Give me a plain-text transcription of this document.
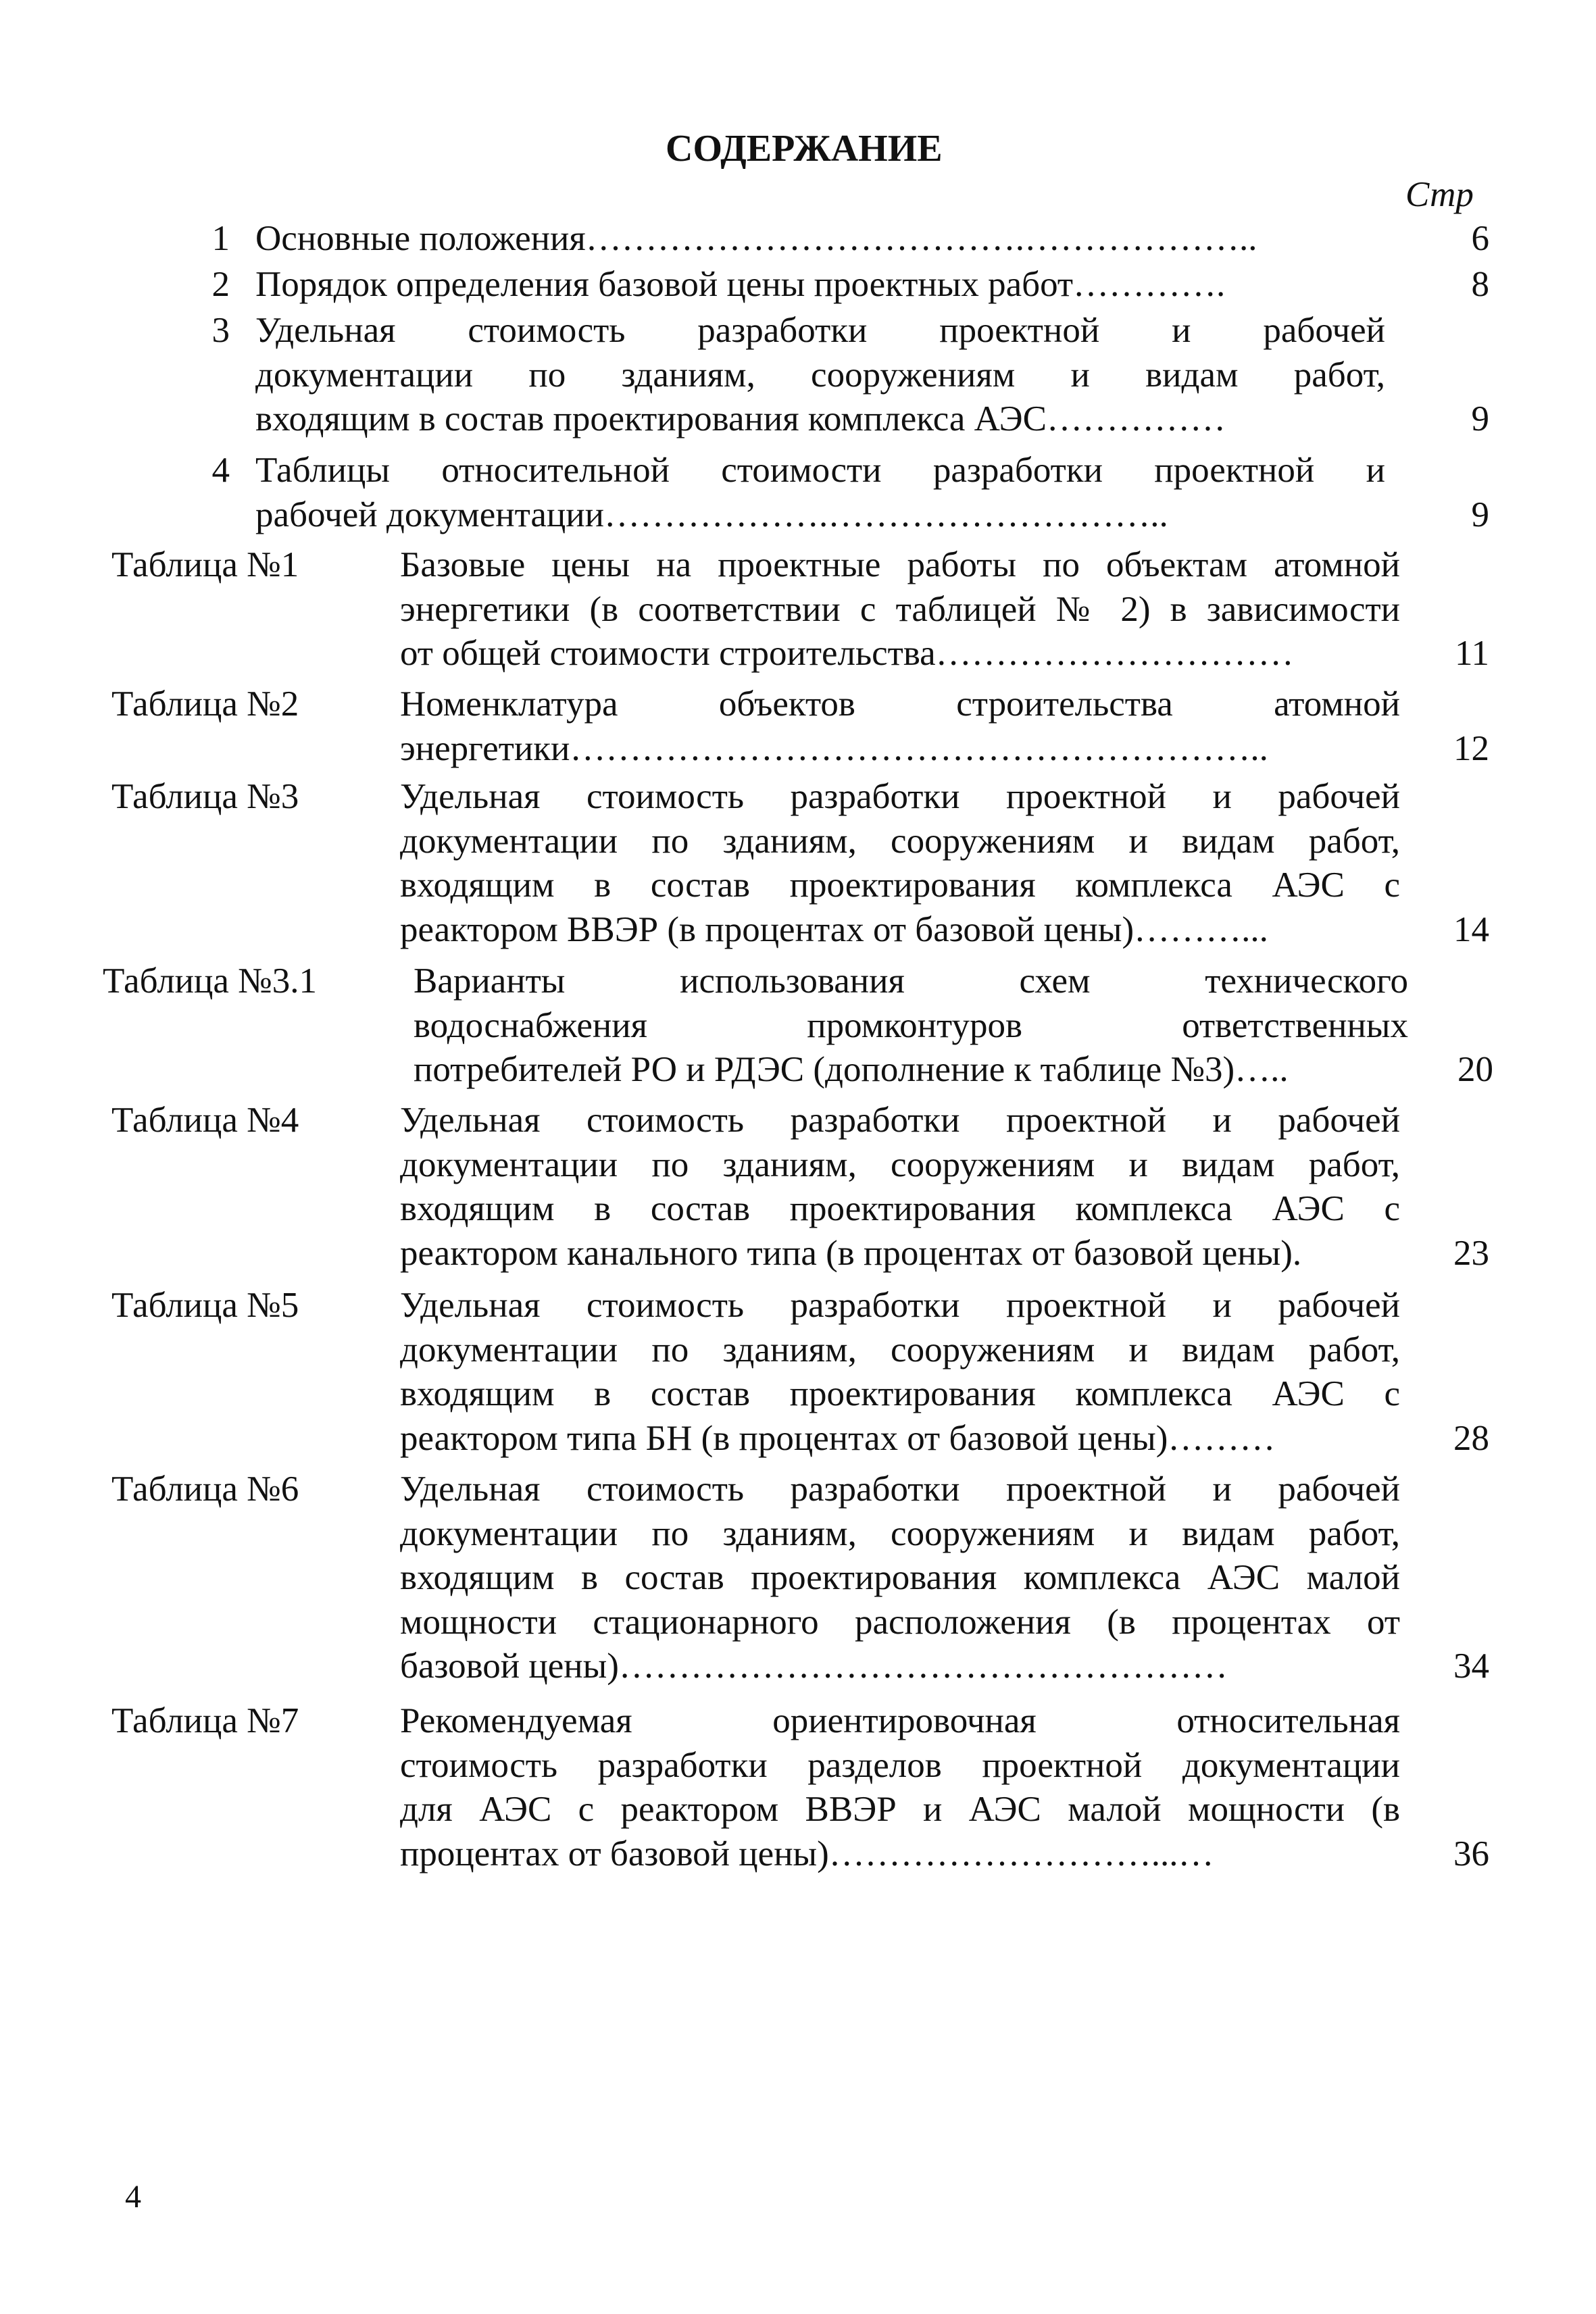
СОДЕРЖАНИЕ
Стр
1 Основные положения……………………………….………………..	6
2 Порядок определения базовой цены проектных работ………….	8
3 Удельная стоимость разработки проектной и рабочей
документации по зданиям, сооружениям и видам работ,
входящим в состав проектирования комплекса АЭС……………	9
4 Таблицы относительной стоимости разработки проектной и
рабочей документации……………….………………………..	9
Таблица №1	Базовые цены на проектные работы по объектам атомной
энергетики (в соответствии с таблицей № 2) в зависимости
от общей стоимости строительства…………………………	11
Таблица №2	Номенклатура объектов строительства атомной
энергетики…………………………………………………..	12
Таблица №3	Удельная стоимость разработки проектной и рабочей
документации по зданиям, сооружениям и видам работ,
входящим в состав проектирования комплекса АЭС с
реактором ВВЭР (в процентах от базовой цены)………...	14
Таблица №3.1	Варианты использования схем технического
водоснабжения промконтуров ответственных
потребителей РО и РДЭС (дополнение к таблице №3)…..	20
Таблица №4	Удельная стоимость разработки проектной и рабочей
документации по зданиям, сооружениям и видам работ,
входящим в состав проектирования комплекса АЭС с
реактором канального типа (в процентах от базовой цены).	23
Таблица №5	Удельная стоимость разработки проектной и рабочей
документации по зданиям, сооружениям и видам работ,
входящим в состав проектирования комплекса АЭС с
реактором типа БН (в процентах от базовой цены)………	28
Таблица №6	Удельная стоимость разработки проектной и рабочей
документации по зданиям, сооружениям и видам работ,
входящим в состав проектирования комплекса АЭС малой
мощности стационарного расположения (в процентах от
базовой цены)……………………………………………	34
Таблица №7	Рекомендуемая ориентировочная относительная
стоимость разработки разделов проектной документации
для АЭС с реактором ВВЭР и АЭС малой мощности (в
процентах от базовой цены)………………………...…	36
4
